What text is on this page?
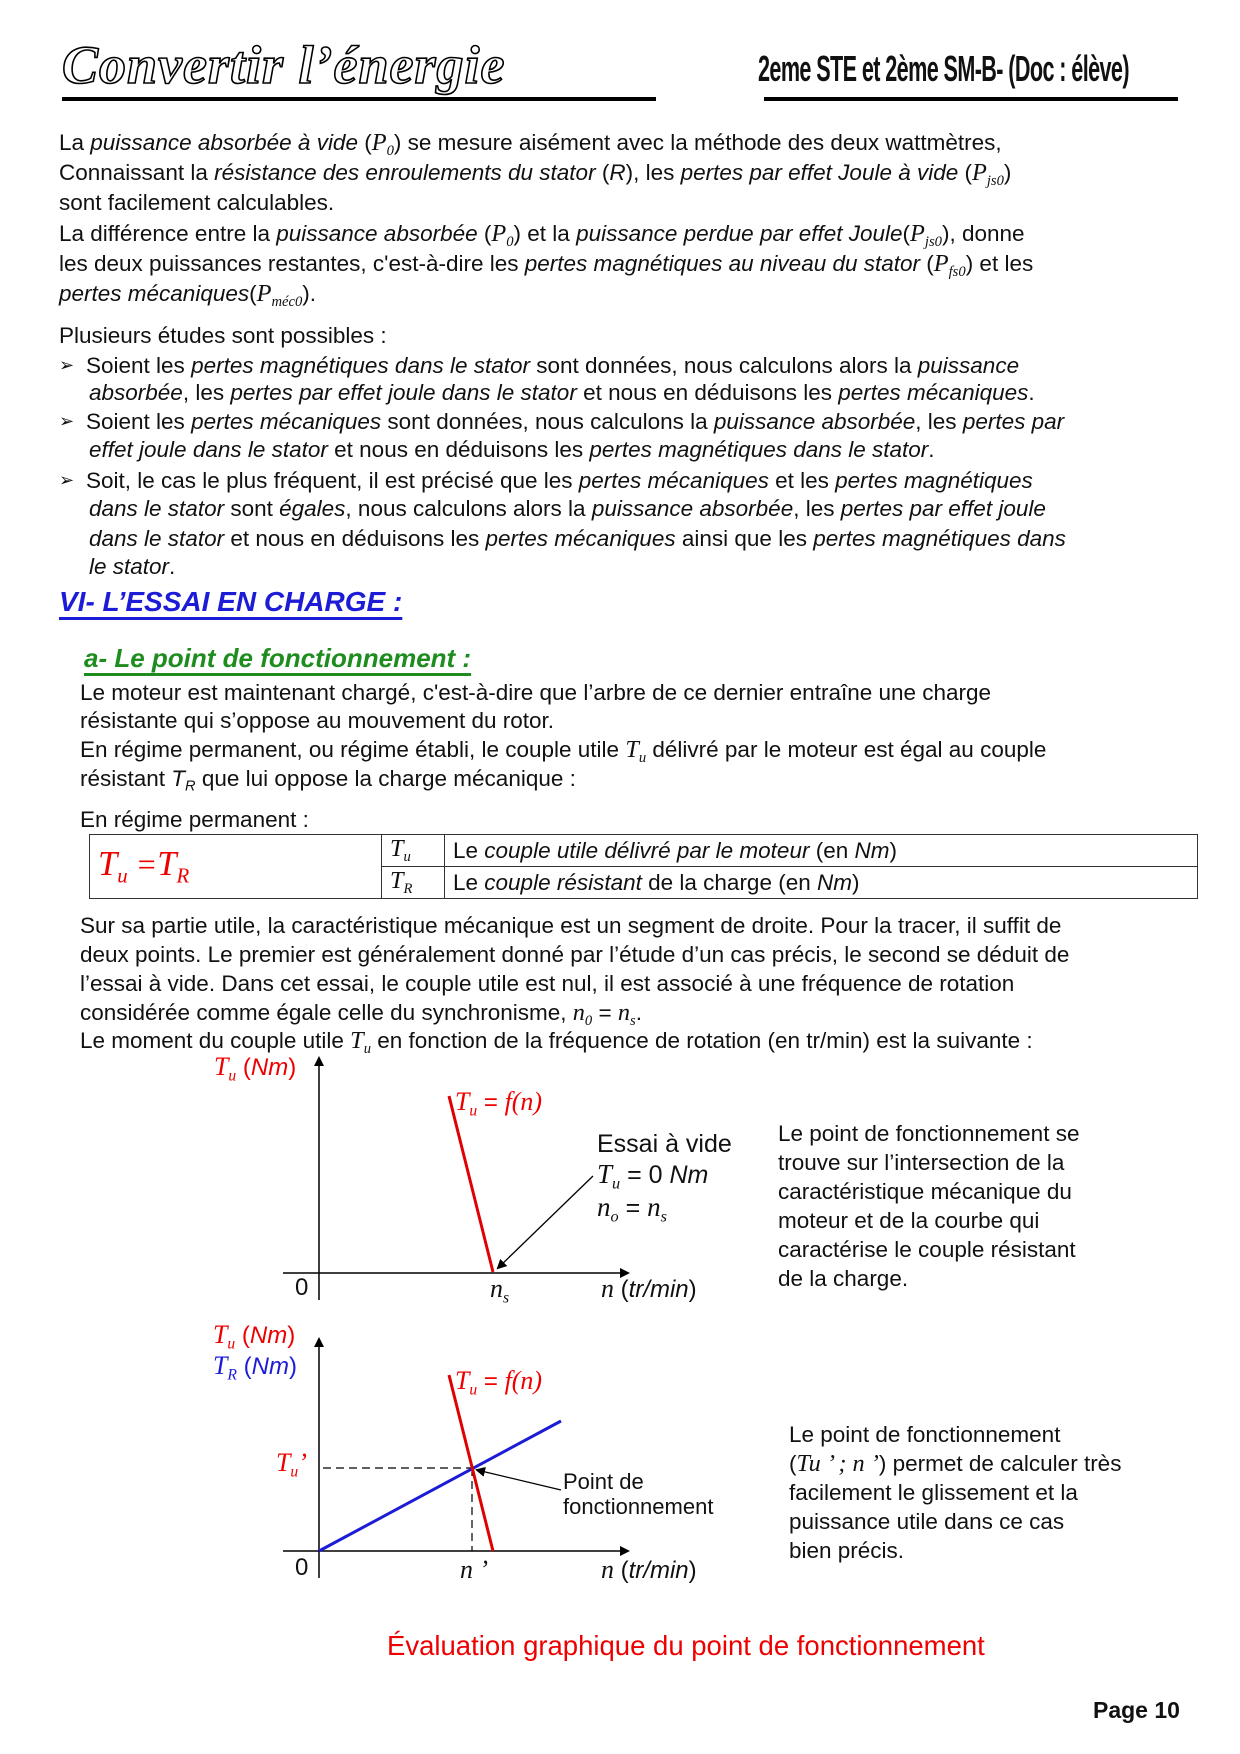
Convertir l’énergie	2eme STE et 2ème SM-B- (Doc : élève)
La puissance absorbée à vide $(P_0)$ se mesure aisément avec la méthode des deux wattmètres,
Connaissant la résistance des enroulements du stator (R), les pertes par effet Joule à vide $(P_{js0})$
sont facilement calculables.
La différence entre la puissance absorbée $(P_0)$ et la puissance perdue par effet $Joule(P_{js0})$, donne
les deux puissances restantes, c'est-à-dire les pertes magnétiques au niveau du stator $(P_{fs0})$ et les
pertes $mécaniques(P_{méc0})$.
Plusieurs études sont possibles :
➢ Soient les pertes magnétiques dans le stator sont données, nous calculons alors la puissance
absorbée, les pertes par effet joule dans le stator et nous en déduisons les pertes mécaniques.
➢ Soient les pertes mécaniques sont données, nous calculons la puissance absorbée, les pertes par
effet joule dans le stator et nous en déduisons les pertes magnétiques dans le stator.
➢ Soit, le cas le plus fréquent, il est précisé que les pertes mécaniques et les pertes magnétiques
dans le stator sont égales, nous calculons alors la puissance absorbée, les pertes par effet joule
dans le stator et nous en déduisons les pertes mécaniques ainsi que les pertes magnétiques dans
le stator.
VI- L’ESSAI EN CHARGE :
a- Le point de fonctionnement :
Le moteur est maintenant chargé, c'est-à-dire que l’arbre de ce dernier entraîne une charge
résistante qui s’oppose au mouvement du rotor.
En régime permanent, ou régime établi, le couple utile $T_u$ délivré par le moteur est égal au couple
résistant TR que lui oppose la charge mécanique :
En régime permanent :
$T_u =T_R$	$T_u$	Le couple utile délivré par le moteur (en Nm)
	$T_R$	Le couple résistant de la charge (en Nm)
Sur sa partie utile, la caractéristique mécanique est un segment de droite. Pour la tracer, il suffit de
deux points. Le premier est généralement donné par l’étude d’un cas précis, le second se déduit de
l’essai à vide. Dans cet essai, le couple utile est nul, il est associé à une fréquence de rotation
considérée comme égale celle du synchronisme, $n_0 = n_s$.
Le moment du couple utile $T_u$ en fonction de la fréquence de rotation (en tr/min) est la suivante :
$T_u$ (Nm)
$T_u = f(n)$
Essai à vide
$T_u = 0$ Nm
$n_o = n_s$
0	$n_s$	n (tr/min)
Le point de fonctionnement se
trouve sur l’intersection de la
caractéristique mécanique du
moteur et de la courbe qui
caractérise le couple résistant
de la charge.
$T_u$ (Nm)
$T_R$ (Nm)	$T_u = f(n)$
$T_u$’
Point de
fonctionnement
0	n ’	n (tr/min)
Le point de fonctionnement
(Tu ’ ; n ’) permet de calculer très
facilement le glissement et la
puissance utile dans ce cas
bien précis.
Évaluation graphique du point de fonctionnement
Page 10
